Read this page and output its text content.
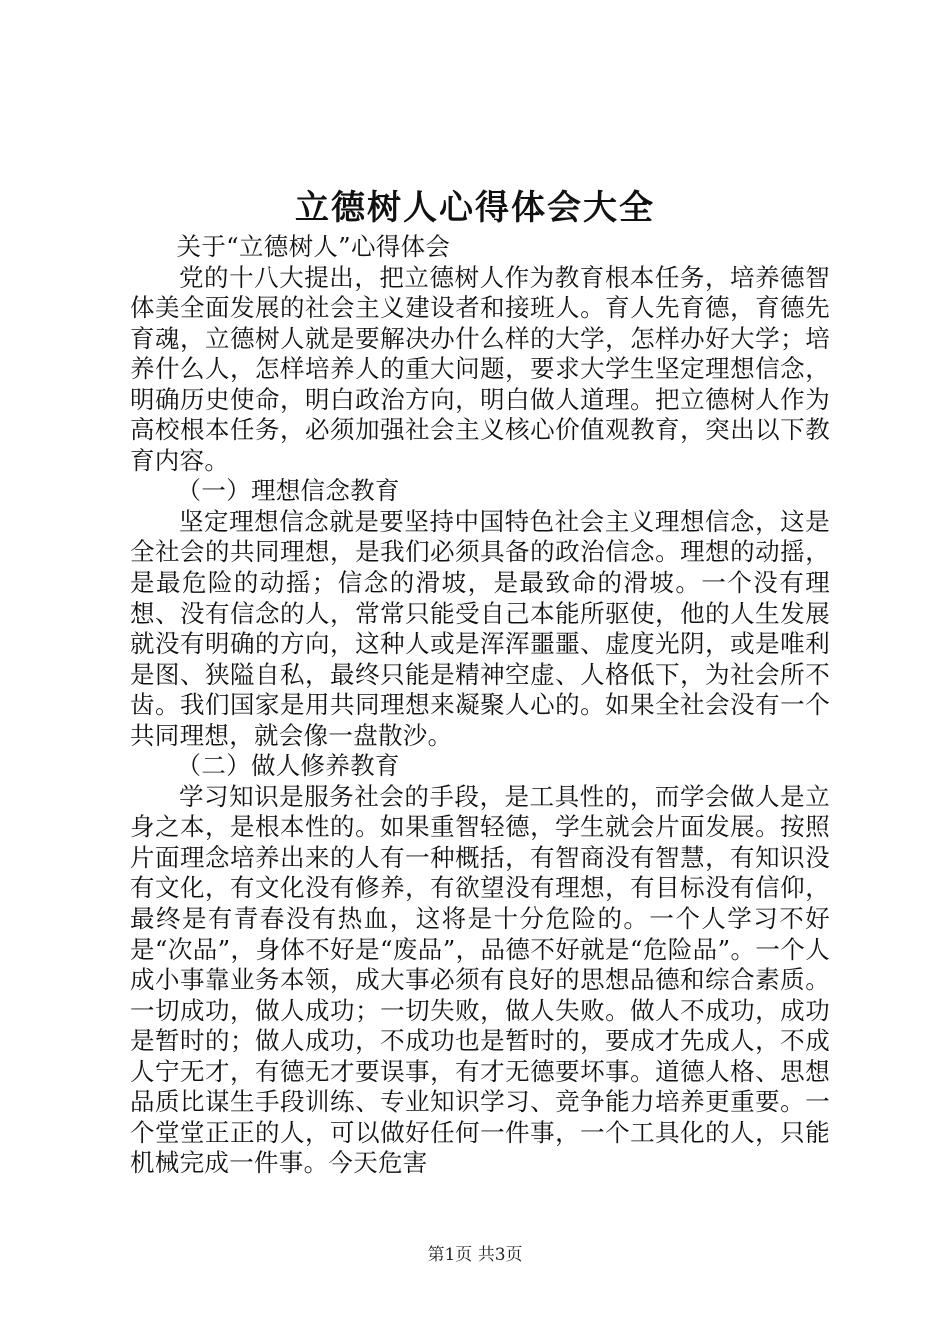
立德树人心得体会大全

关于“立德树人”心得体会

党的十八大提出，把立德树人作为教育根本任务，培养德智体美全面发展的社会主义建设者和接班人。育人先育德，育德先育魂，立德树人就是要解决办什么样的大学，怎样办好大学；培养什么人，怎样培养人的重大问题，要求大学生坚定理想信念，明确历史使命，明白政治方向，明白做人道理。把立德树人作为高校根本任务，必须加强社会主义核心价值观教育，突出以下教育内容。

（一）理想信念教育

坚定理想信念就是要坚持中国特色社会主义理想信念，这是全社会的共同理想，是我们必须具备的政治信念。理想的动摇，是最危险的动摇；信念的滑坡，是最致命的滑坡。一个没有理想、没有信念的人，常常只能受自己本能所驱使，他的人生发展就没有明确的方向，这种人或是浑浑噩噩、虚度光阴，或是唯利是图、狭隘自私，最终只能是精神空虚、人格低下，为社会所不齿。我们国家是用共同理想来凝聚人心的。如果全社会没有一个共同理想，就会像一盘散沙。

（二）做人修养教育

学习知识是服务社会的手段，是工具性的，而学会做人是立身之本，是根本性的。如果重智轻德，学生就会片面发展。按照片面理念培养出来的人有一种概括，有智商没有智慧，有知识没有文化，有文化没有修养，有欲望没有理想，有目标没有信仰，最终是有青春没有热血，这将是十分危险的。一个人学习不好是“次品”，身体不好是“废品”，品德不好就是“危险品”。一个人成小事靠业务本领，成大事必须有良好的思想品德和综合素质。一切成功，做人成功；一切失败，做人失败。做人不成功，成功是暂时的；做人成功，不成功也是暂时的，要成才先成人，不成人宁无才，有德无才要误事，有才无德要坏事。道德人格、思想品质比谋生手段训练、专业知识学习、竞争能力培养更重要。一个堂堂正正的人，可以做好任何一件事，一个工具化的人，只能机械完成一件事。今天危害

第1页 共3页
